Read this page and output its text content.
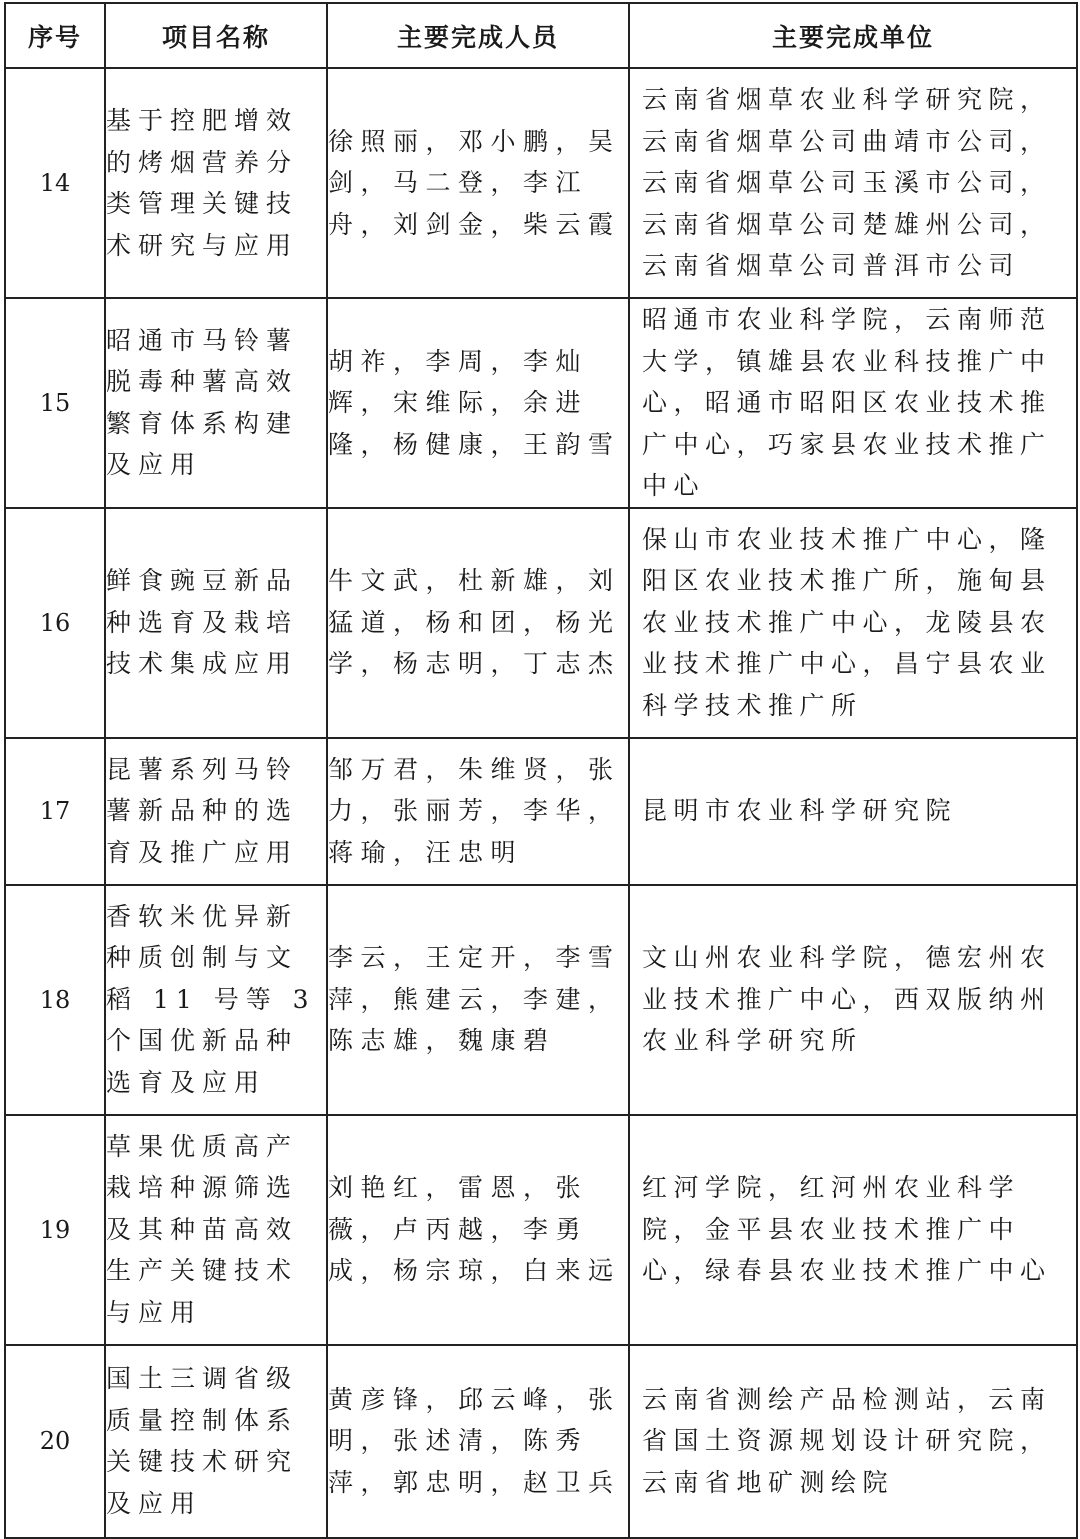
序号	项目名称	主要完成人员	主要完成单位
14	基于控肥增效的烤烟营养分类管理关键技术研究与应用	徐照丽，邓小鹏，吴剑，马二登，李江舟，刘剑金，柴云霞	云南省烟草农业科学研究院，云南省烟草公司曲靖市公司，云南省烟草公司玉溪市公司，云南省烟草公司楚雄州公司，云南省烟草公司普洱市公司
15	昭通市马铃薯脱毒种薯高效繁育体系构建及应用	胡祚，李周，李灿辉，宋维际，余进隆，杨健康，王韵雪	昭通市农业科学院，云南师范大学，镇雄县农业科技推广中心，昭通市昭阳区农业技术推广中心，巧家县农业技术推广中心
16	鲜食豌豆新品种选育及栽培技术集成应用	牛文武，杜新雄，刘猛道，杨和团，杨光学，杨志明，丁志杰	保山市农业技术推广中心，隆阳区农业技术推广所，施甸县农业技术推广中心，龙陵县农业技术推广中心，昌宁县农业科学技术推广所
17	昆薯系列马铃薯新品种的选育及推广应用	邹万君，朱维贤，张力，张丽芳，李华，蒋瑜，汪忠明	昆明市农业科学研究院
18	香软米优异新种质创制与文稻 11 号等 3 个国优新品种选育及应用	李云，王定开，李雪萍，熊建云，李建，陈志雄，魏康碧	文山州农业科学院，德宏州农业技术推广中心，西双版纳州农业科学研究所
19	草果优质高产栽培种源筛选及其种苗高效生产关键技术与应用	刘艳红，雷恩，张薇，卢丙越，李勇成，杨宗琼，白来远	红河学院，红河州农业科学院，金平县农业技术推广中心，绿春县农业技术推广中心
20	国土三调省级质量控制体系关键技术研究及应用	黄彦锋，邱云峰，张明，张述清，陈秀萍，郭忠明，赵卫兵	云南省测绘产品检测站，云南省国土资源规划设计研究院，云南省地矿测绘院
